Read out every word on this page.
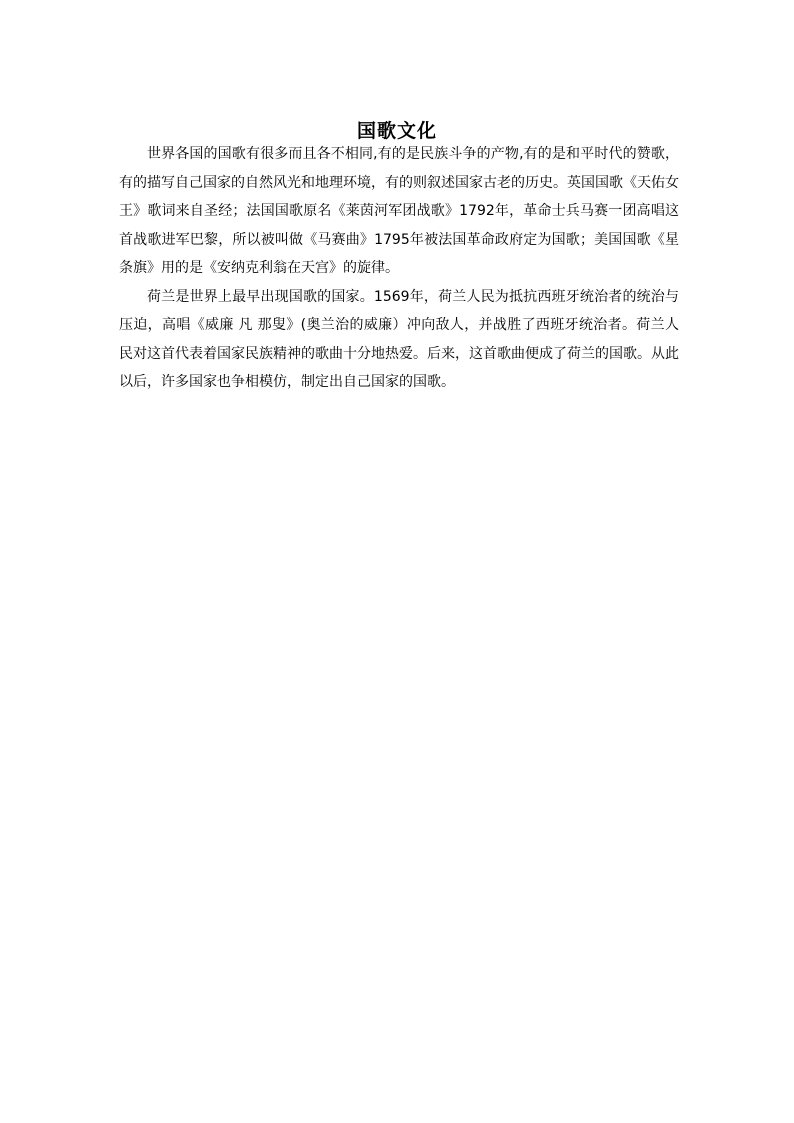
国歌文化

世界各国的国歌有很多而且各不相同,有的是民族斗争的产物,有的是和平时代的赞歌，有的描写自己国家的自然风光和地理环境，有的则叙述国家古老的历史。英国国歌《天佑女王》歌词来自圣经；法国国歌原名《莱茵河军团战歌》1792年，革命士兵马赛一团高唱这首战歌进军巴黎，所以被叫做《马赛曲》1795年被法国革命政府定为国歌；美国国歌《星条旗》用的是《安纳克利翁在天宫》的旋律。

荷兰是世界上最早出现国歌的国家。1569年，荷兰人民为抵抗西班牙统治者的统治与压迫，高唱《威廉 凡 那叟》(奥兰治的威廉）冲向敌人，并战胜了西班牙统治者。荷兰人民对这首代表着国家民族精神的歌曲十分地热爱。后来，这首歌曲便成了荷兰的国歌。从此以后，许多国家也争相模仿，制定出自己国家的国歌。
